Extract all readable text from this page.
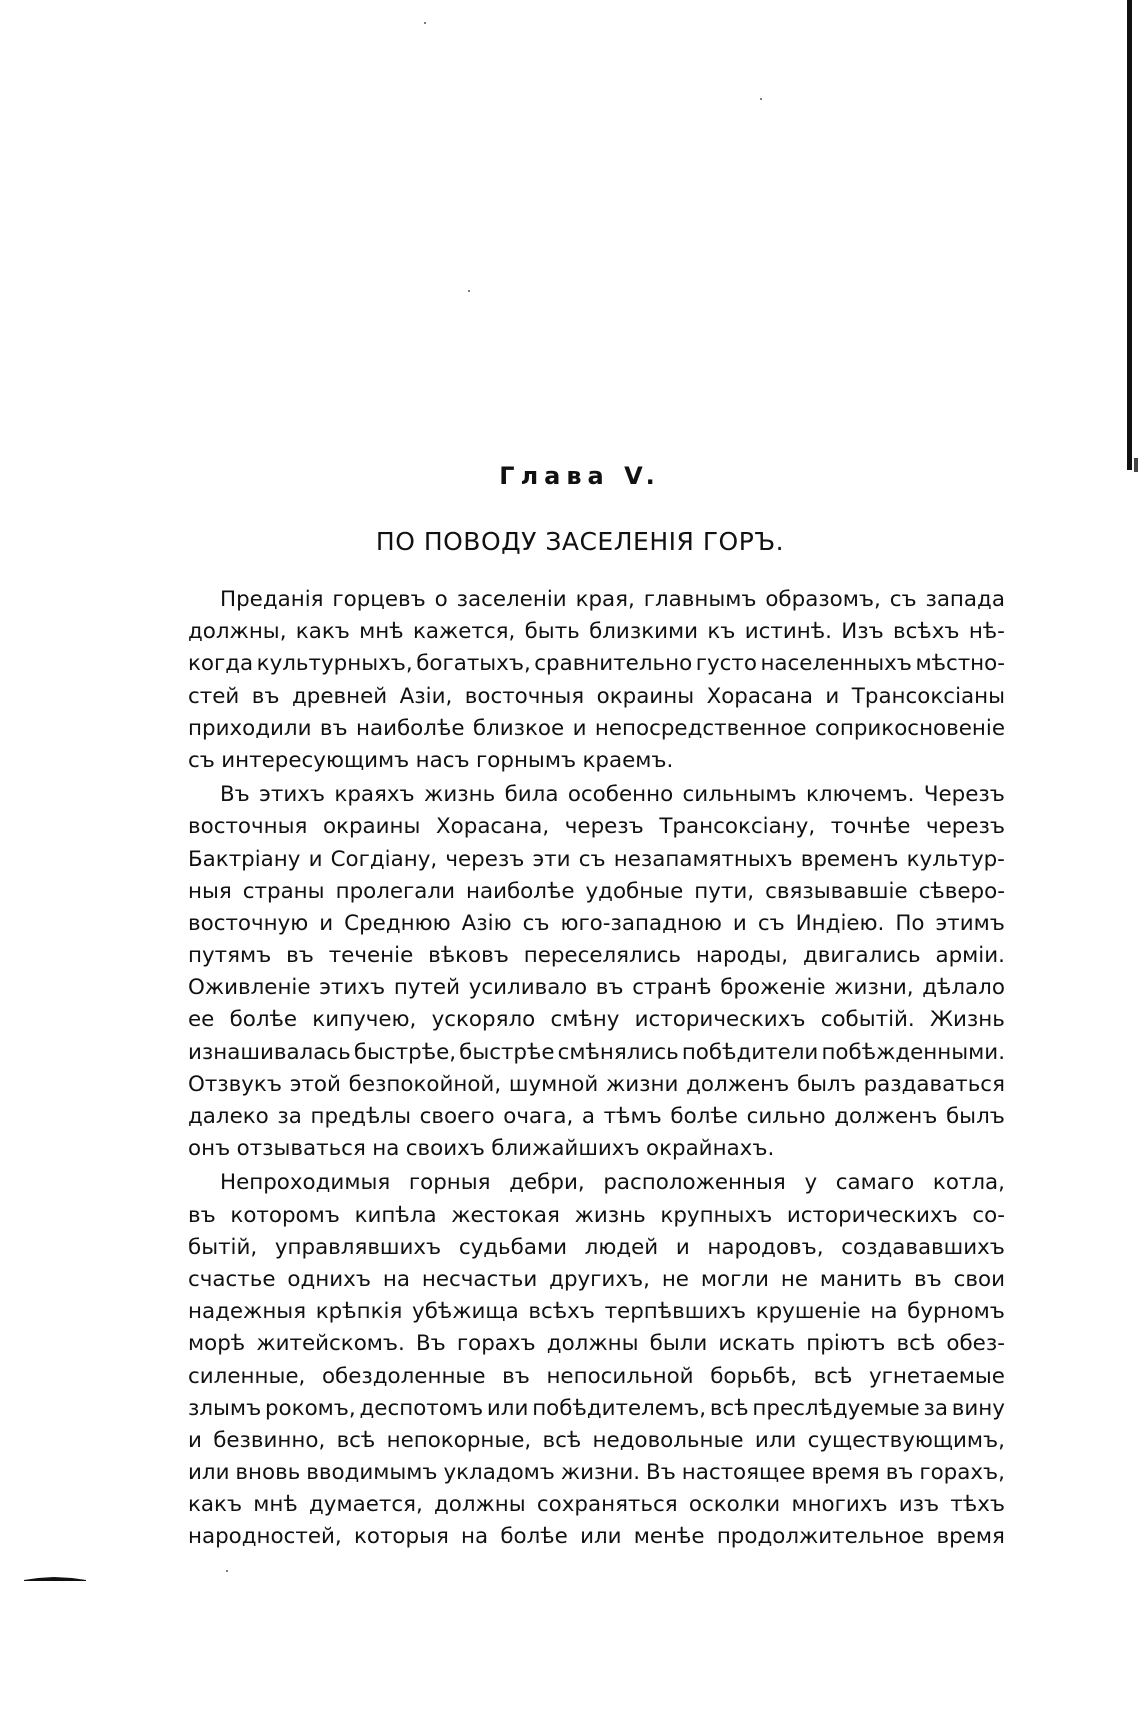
Глава V.
ПО ПОВОДУ ЗАСЕЛЕНІЯ ГОРЪ.
Преданія горцевъ о заселеніи края, главнымъ образомъ, съ запада
должны, какъ мнѣ кажется, быть близкими къ истинѣ. Изъ всѣхъ нѣ-
когда культурныхъ, богатыхъ, сравнительно густо населенныхъ мѣстно-
стей въ древней Азіи, восточныя окраины Хорасана и Трансоксіаны
приходили въ наиболѣе близкое и непосредственное соприкосновеніе
съ интересующимъ насъ горнымъ краемъ.
Въ этихъ краяхъ жизнь била особенно сильнымъ ключемъ. Черезъ
восточныя окраины Хорасана, черезъ Трансоксіану, точнѣе черезъ
Бактріану и Согдіану, черезъ эти съ незапамятныхъ временъ культур-
ныя страны пролегали наиболѣе удобные пути, связывавшіе сѣверо-
восточную и Среднюю Азію съ юго-западною и съ Индіею. По этимъ
путямъ въ теченіе вѣковъ переселялись народы, двигались арміи.
Оживленіе этихъ путей усиливало въ странѣ броженіе жизни, дѣлало
ее болѣе кипучею, ускоряло смѣну историческихъ событій. Жизнь
изнашивалась быстрѣе, быстрѣе смѣнялись побѣдители побѣжденными.
Отзвукъ этой безпокойной, шумной жизни долженъ былъ раздаваться
далеко за предѣлы своего очага, а тѣмъ болѣе сильно долженъ былъ
онъ отзываться на своихъ ближайшихъ окрайнахъ.
Непроходимыя горныя дебри, расположенныя у самаго котла,
въ которомъ кипѣла жестокая жизнь крупныхъ историческихъ со-
бытій, управлявшихъ судьбами людей и народовъ, создававшихъ
счастье однихъ на несчастьи другихъ, не могли не манить въ свои
надежныя крѣпкія убѣжища всѣхъ терпѣвшихъ крушеніе на бурномъ
морѣ житейскомъ. Въ горахъ должны были искать пріютъ всѣ обез-
силенные, обездоленные въ непосильной борьбѣ, всѣ угнетаемые
злымъ рокомъ, деспотомъ или побѣдителемъ, всѣ преслѣдуемые за вину
и безвинно, всѣ непокорные, всѣ недовольные или существующимъ,
или вновь вводимымъ укладомъ жизни. Въ настоящее время въ горахъ,
какъ мнѣ думается, должны сохраняться осколки многихъ изъ тѣхъ
народностей, которыя на болѣе или менѣе продолжительное время
